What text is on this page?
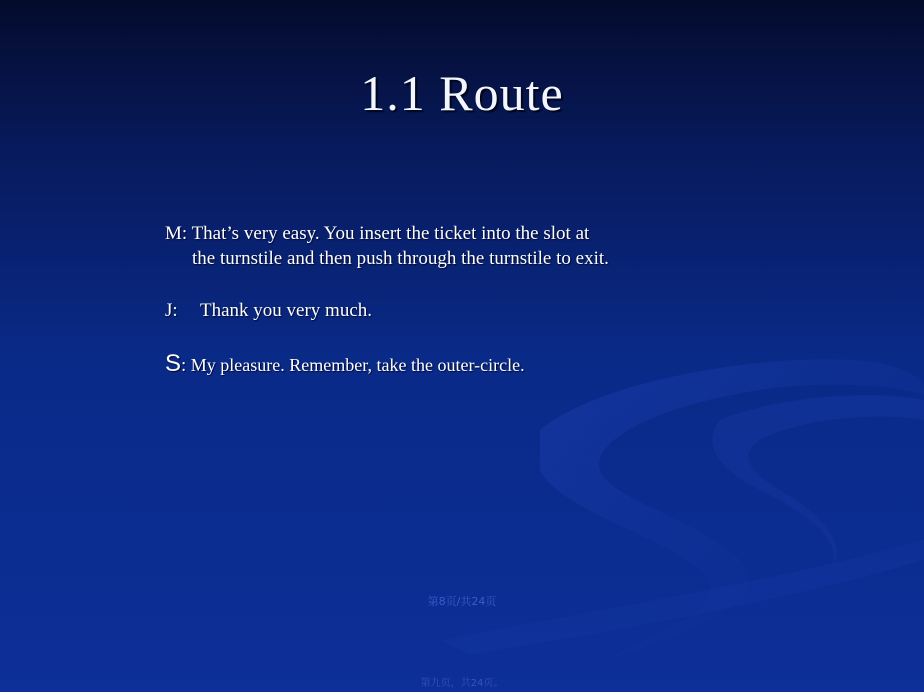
1.1 Route
M: That’s very easy. You insert the ticket into the slot at
the turnstile and then push through the turnstile to exit.
J: Thank you very much.
S: My pleasure. Remember, take the outer-circle.
第8页/共24页
第九页，共24页。
